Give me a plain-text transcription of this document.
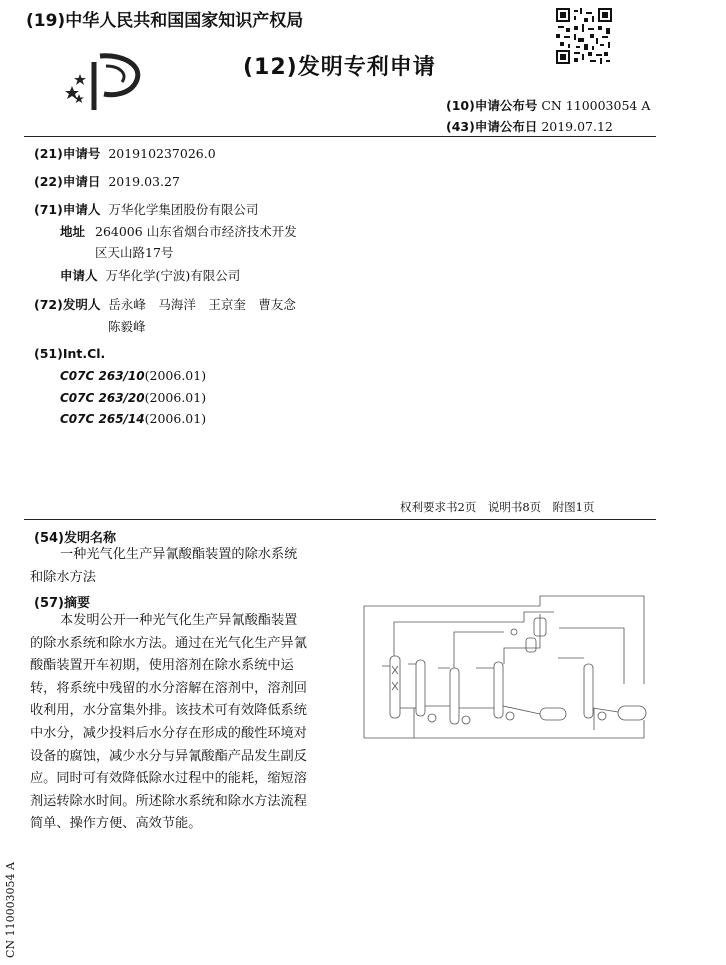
(19)中华人民共和国国家知识产权局
(12)发明专利申请
(10)申请公布号 CN 110003054 A
(43)申请公布日 2019.07.12
(21)申请号 201910237026.0
(22)申请日 2019.03.27
(71)申请人 万华化学集团股份有限公司
地址 264006 山东省烟台市经济技术开发
区天山路17号
申请人 万华化学(宁波)有限公司
(72)发明人 岳永峰　马海洋　王京奎　曹友念
陈毅峰
(51)Int.Cl.
C07C 263/10(2006.01)
C07C 263/20(2006.01)
C07C 265/14(2006.01)
权利要求书2页　说明书8页　附图1页
(54)发明名称
一种光气化生产异氰酸酯装置的除水系统
和除水方法
(57)摘要
本发明公开一种光气化生产异氰酸酯装置
的除水系统和除水方法。通过在光气化生产异氰
酸酯装置开车初期，使用溶剂在除水系统中运
转，将系统中残留的水分溶解在溶剂中，溶剂回
收利用，水分富集外排。该技术可有效降低系统
中水分，减少投料后水分存在形成的酸性环境对
设备的腐蚀，减少水分与异氰酸酯产品发生副反
应。同时可有效降低除水过程中的能耗，缩短溶
剂运转除水时间。所述除水系统和除水方法流程
简单、操作方便、高效节能。
CN 110003054 A
